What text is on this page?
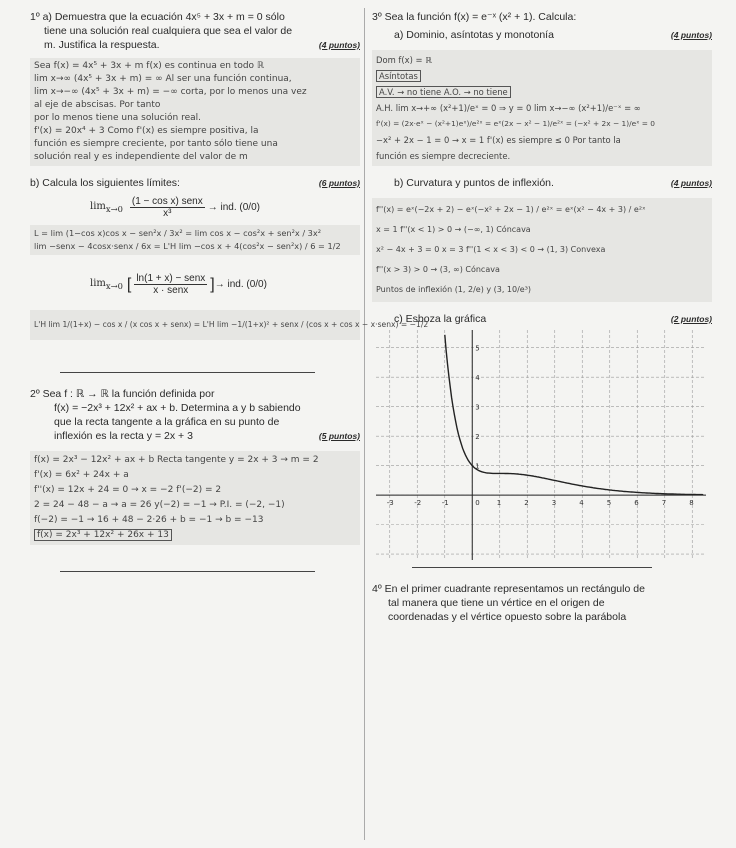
1º a) Demuestra que la ecuación 4x⁵ + 3x + m = 0 sólo
tiene una solución real cualquiera que sea el valor de
m. Justifica la respuesta.	(4 puntos)
Sea f(x) = 4x⁵ + 3x + m f(x) es continua en todo ℝ
lim x→∞ (4x⁵ + 3x + m) = ∞ Al ser una función continua,
lim x→−∞ (4x⁵ + 3x + m) = −∞ corta, por lo menos una vez
al eje de abscisas. Por tanto
por lo menos tiene una solución real.
f'(x) = 20x⁴ + 3 Como f'(x) es siempre positiva, la
función es siempre creciente, por tanto sólo tiene una
solución real y es independiente del valor de m
b) Calcula los siguientes límites:	(6 puntos)
$\lim_{x\to 0} \frac{\text{(1 − cos x) senx}}{\text{x³}}$ → ind. (0/0)
L = lim (1−cos x)cos x − sen²x / 3x² = lim cos x − cos²x + sen²x / 3x²
lim −senx − 4cosx·senx / 6x = L'H lim −cos x + 4(cos²x − sen²x) / 6 = 1/2
$\lim_{x\to 0}$ [ $\frac{\text{ln(1 + x) − senx}}{\text{x · senx}}$ ] → ind. (0/0)
L'H lim 1/(1+x) − cos x / (x cos x + senx) = L'H lim −1/(1+x)² + senx / (cos x + cos x − x·senx) = −1/2
2º Sea f : ℝ → ℝ la función definida por
f(x) = −2x³ + 12x² + ax + b. Determina a y b sabiendo
que la recta tangente a la gráfica en su punto de
inflexión es la recta y = 2x + 3	(5 puntos)
f(x) = 2x³ − 12x² + ax + b Recta tangente y = 2x + 3 → m = 2
f'(x) = 6x² + 24x + a
f''(x) = 12x + 24 = 0 → x = −2 f'(−2) = 2
2 = 24 − 48 − a → a = 26 y(−2) = −1 → P.I. = (−2, −1)
f(−2) = −1 → 16 + 48 − 2·26 + b = −1 → b = −13
f(x) = 2x³ + 12x² + 26x + 13
3º Sea la función f(x) = e⁻ˣ (x² + 1). Calcula:
a) Dominio, asíntotas y monotonía	(4 puntos)
Dom f(x) = ℝ
Asíntotas
A.V. → no tiene A.O. → no tiene
A.H. lim x→+∞ (x²+1)/eˣ = 0 ⇒ y = 0 lim x→−∞ (x²+1)/e⁻ˣ = ∞
f'(x) = (2x·eˣ − (x²+1)eˣ)/e²ˣ = eˣ(2x − x² − 1)/e²ˣ = (−x² + 2x − 1)/eˣ = 0
−x² + 2x − 1 = 0 → x = 1 f'(x) es siempre ≤ 0 Por tanto la
función es siempre decreciente.
b) Curvatura y puntos de inflexión.	(4 puntos)
f''(x) = eˣ(−2x + 2) − eˣ(−x² + 2x − 1) / e²ˣ = eˣ(x² − 4x + 3) / e²ˣ
x = 1 f''(x < 1) > 0 → (−∞, 1) Cóncava
x² − 4x + 3 = 0 x = 3 f''(1 < x < 3) < 0 → (1, 3) Convexa
f''(x > 3) > 0 → (3, ∞) Cóncava
Puntos de inflexión (1, 2/e) y (3, 10/e³)
c) Esboza la gráfica	(2 puntos)
-3	-2	-1	0 1	2	3	4	5	6	7	8
5
4
3
2
1
4º En el primer cuadrante representamos un rectángulo de
tal manera que tiene un vértice en el origen de
coordenadas y el vértice opuesto sobre la parábola
